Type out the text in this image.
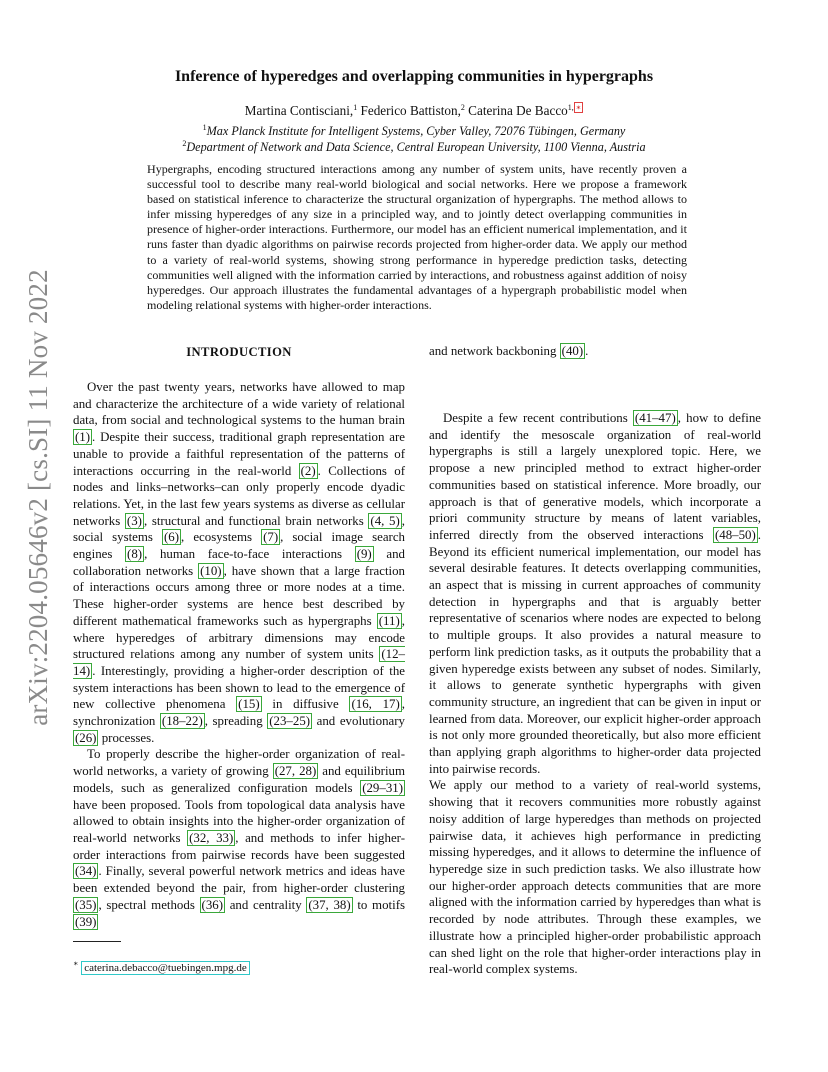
arXiv:2204.05646v2 [cs.SI] 11 Nov 2022
Inference of hyperedges and overlapping communities in hypergraphs
Martina Contisciani,$^1$ Federico Battiston,$^2$ Caterina De Bacco$^{1,}$ ∗
$^1$Max Planck Institute for Intelligent Systems, Cyber Valley, 72076 Tübingen, Germany
$^2$Department of Network and Data Science, Central European University, 1100 Vienna, Austria
Hypergraphs, encoding structured interactions among any number of system units, have recently proven a successful tool to describe many real-world biological and social networks. Here we propose a framework based on statistical inference to characterize the structural organization of hypergraphs. The method allows to infer missing hyperedges of any size in a principled way, and to jointly detect overlapping communities in presence of higher-order interactions. Furthermore, our model has an efficient numerical implementation, and it runs faster than dyadic algorithms on pairwise records projected from higher-order data. We apply our method to a variety of real-world systems, showing strong performance in hyperedge prediction tasks, detecting communities well aligned with the information carried by interactions, and robustness against addition of noisy hyperedges. Our approach illustrates the fundamental advantages of a hypergraph probabilistic model when modeling relational systems with higher-order interactions.
INTRODUCTION

Over the past twenty years, networks have allowed to map and characterize the architecture of a wide variety of relational data, from social and technological systems to the human brain (1) . Despite their success, traditional graph representation are unable to provide a faithful representation of the patterns of interactions occurring in the real-world (2) . Collections of nodes and links–networks–can only properly encode dyadic relations. Yet, in the last few years systems as diverse as cellular networks (3) , structural and functional brain networks (4, 5) , social systems (6) , ecosystems (7) , social image search engines (8) , human face-to-face interactions (9) and collaboration networks (10) , have shown that a large fraction of interactions occurs among three or more nodes at a time. These higher-order systems are hence best described by different mathematical frameworks such as hypergraphs (11) , where hyperedges of arbitrary dimensions may encode structured relations among any number of system units (12–14) . Interestingly, providing a higher-order description of the system interactions has been shown to lead to the emergence of new collective phenomena (15) in diffusive (16, 17) , synchronization (18–22) , spreading (23–25) and evolutionary (26) processes.

To properly describe the higher-order organization of real-world networks, a variety of growing (27, 28) and equilibrium models, such as generalized configuration models (29–31) have been proposed. Tools from topological data analysis have allowed to obtain insights into the higher-order organization of real-world networks (32, 33) , and methods to infer higher-order interactions from pairwise records have been suggested (34) . Finally, several powerful network metrics and ideas have been extended beyond the pair, from higher-order clustering (35) , spectral methods (36) and centrality (37, 38) to motifs (39)

and network backboning (40) .

Despite a few recent contributions (41–47) , how to define and identify the mesoscale organization of real-world hypergraphs is still a largely unexplored topic. Here, we propose a new principled method to extract higher-order communities based on statistical inference. More broadly, our approach is that of generative models, which incorporate a priori community structure by means of latent variables, inferred directly from the observed interactions (48–50) . Beyond its efficient numerical implementation, our model has several desirable features. It detects overlapping communities, an aspect that is missing in current approaches of community detection in hypergraphs and that is arguably better representative of scenarios where nodes are expected to belong to multiple groups. It also provides a natural measure to perform link prediction tasks, as it outputs the probability that a given hyperedge exists between any subset of nodes. Similarly, it allows to generate synthetic hypergraphs with given community structure, an ingredient that can be given in input or learned from data. Moreover, our explicit higher-order approach is not only more grounded theoretically, but also more efficient than applying graph algorithms to higher-order data projected into pairwise records.

We apply our method to a variety of real-world systems, showing that it recovers communities more robustly against noisy addition of large hyperedges than methods on projected pairwise data, it achieves high performance in predicting missing hyperedges, and it allows to determine the influence of hyperedge size in such prediction tasks. We also illustrate how our higher-order approach detects communities that are more aligned with the information carried by hyperedges than what is recorded by node attributes. Through these examples, we illustrate how a principled higher-order probabilistic approach can shed light on the role that higher-order interactions play in real-world complex systems.

∗ caterina.debacco@tuebingen.mpg.de
